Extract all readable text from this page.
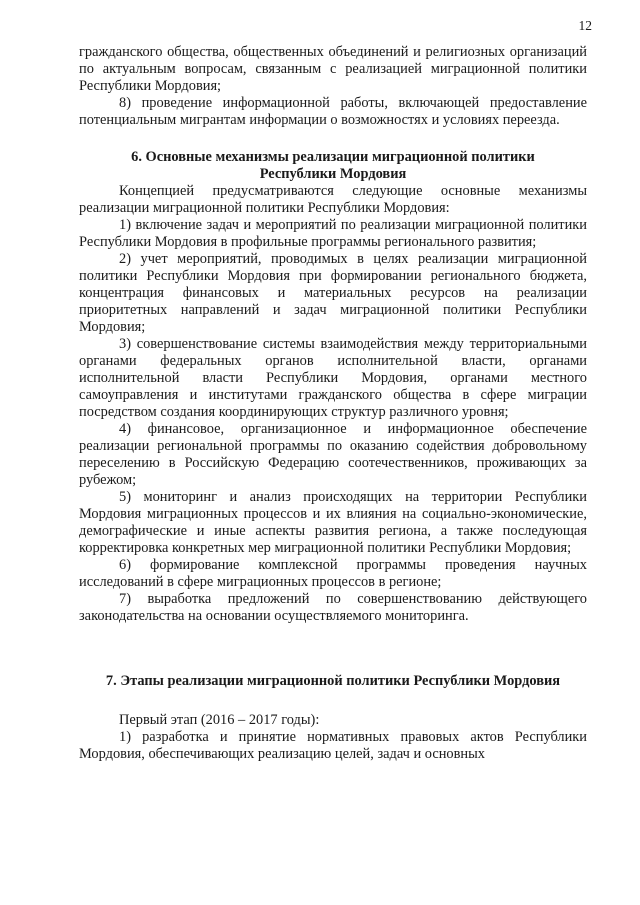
12

гражданского общества, общественных объединений и религиозных организаций по актуальным вопросам, связанным с реализацией миграционной политики Республики Мордовия;

8) проведение информационной работы, включающей предоставление потенциальным мигрантам информации о возможностях и условиях переезда.

6. Основные механизмы реализации миграционной политики
Республики Мордовия

Концепцией предусматриваются следующие основные механизмы реализации миграционной политики Республики Мордовия:

1) включение задач и мероприятий по реализации миграционной политики Республики Мордовия в профильные программы регионального развития;

2) учет мероприятий, проводимых в целях реализации миграционной политики Республики Мордовия при формировании регионального бюджета, концентрация финансовых и материальных ресурсов на реализации приоритетных направлений и задач миграционной политики Республики Мордовия;

3) совершенствование системы взаимодействия между территориальными органами федеральных органов исполнительной власти, органами исполнительной власти Республики Мордовия, органами местного самоуправления и институтами гражданского общества в сфере миграции посредством создания координирующих структур различного уровня;

4) финансовое, организационное и информационное обеспечение реализации региональной программы по оказанию содействия добровольному переселению в Российскую Федерацию соотечественников, проживающих за рубежом;

5) мониторинг и анализ происходящих на территории Республики Мордовия миграционных процессов и их влияния на социально-экономические, демографические и иные аспекты развития региона, а также последующая корректировка конкретных мер миграционной политики Республики Мордовия;

6) формирование комплексной программы проведения научных исследований в сфере миграционных процессов в регионе;

7) выработка предложений по совершенствованию действующего законодательства на основании осуществляемого мониторинга.

7. Этапы реализации миграционной политики Республики Мордовия

Первый этап (2016 – 2017 годы):

1) разработка и принятие нормативных правовых актов Республики Мордовия, обеспечивающих реализацию целей, задач и основных
